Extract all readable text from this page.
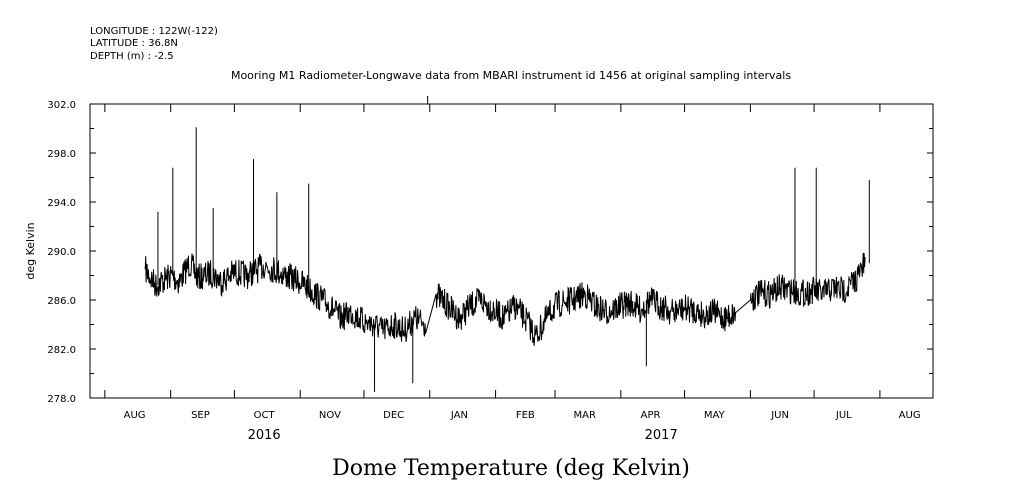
LONGITUDE : 122W(-122)
LATITUDE : 36.8N
DEPTH (m) : -2.5
Mooring M1 Radiometer-Longwave data from MBARI instrument id 1456 at original sampling intervals
278.0
282.0
286.0
290.0
294.0
298.0
302.0
AUG	SEP	OCT	NOV	DEC	JAN	FEB	MAR	APR	MAY	JUN	JUL	AUG
2016	2017
deg Kelvin
Dome Temperature (deg Kelvin)
